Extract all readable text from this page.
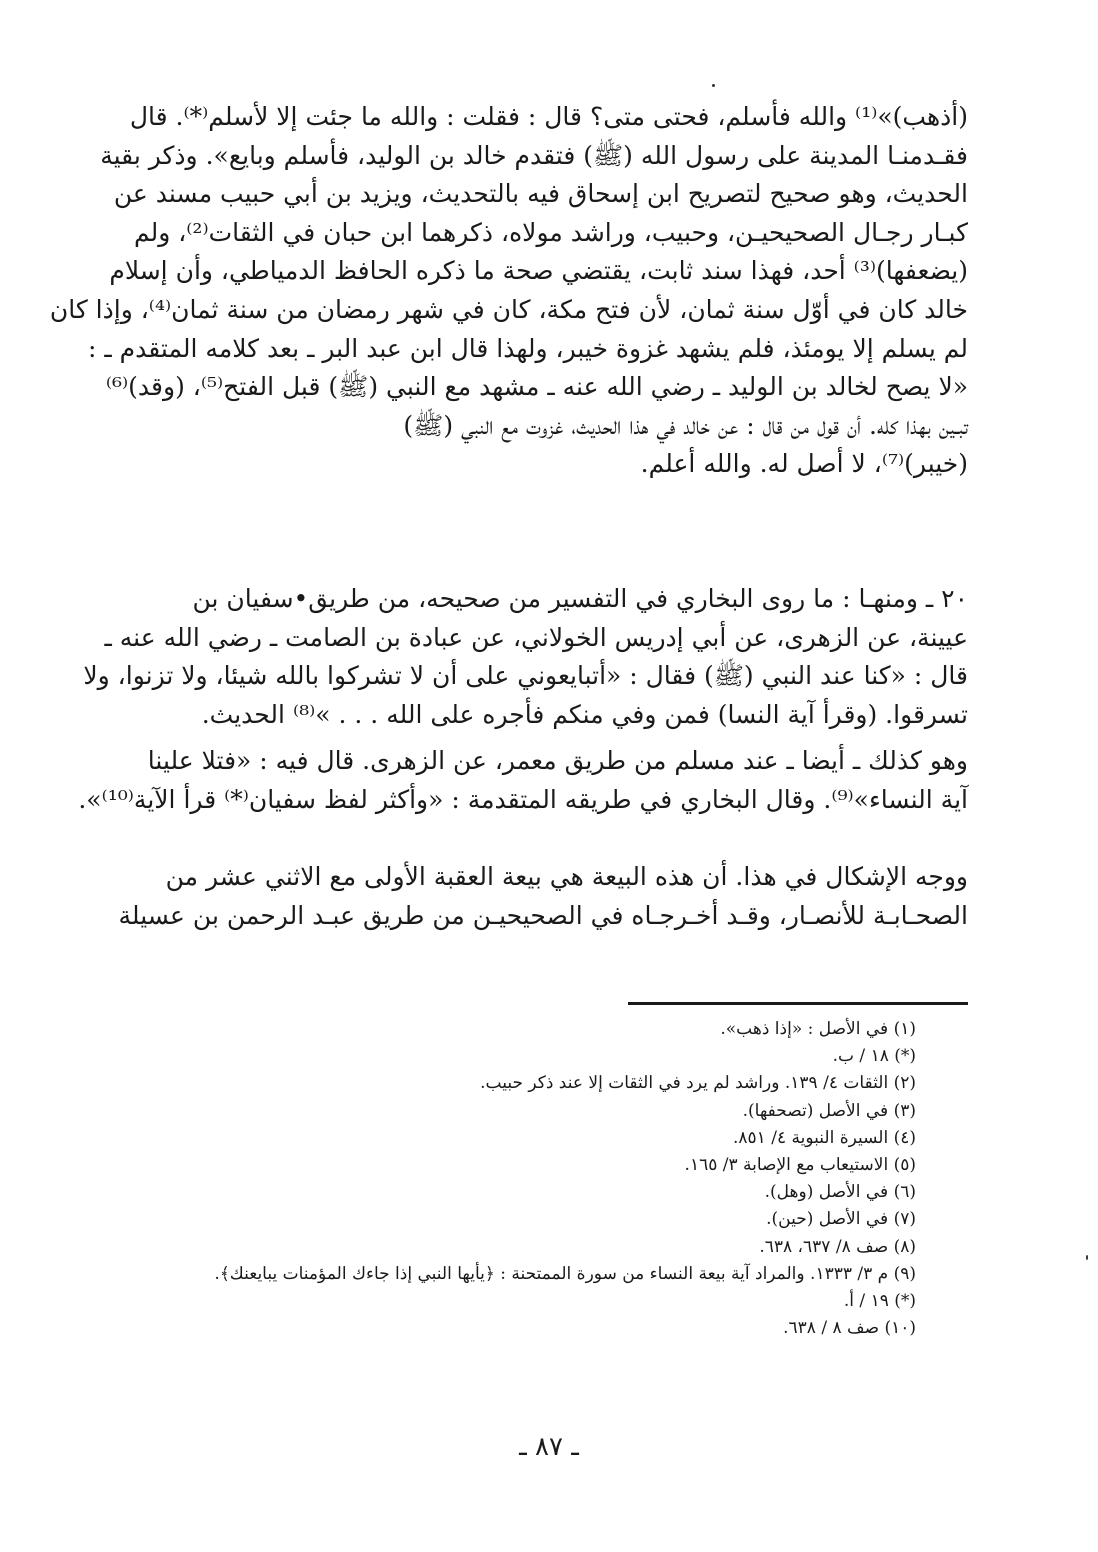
(أذهب)»⁽¹⁾ والله فأسلم، فحتى متى؟ قال : فقلت : والله ما جئت إلا لأسلم⁽*⁾. قال
فقـدمنـا المدينة على رسول الله (ﷺ) فتقدم خالد بن الوليد، فأسلم وبايع». وذكر بقية
الحديث، وهو صحيح لتصريح ابن إسحاق فيه بالتحديث، ويزيد بن أبي حبيب مسند عن
كبـار رجـال الصحيحيـن، وحبيب، وراشد مولاه، ذكرهما ابن حبان في الثقات⁽²⁾، ولم
(يضعفها)⁽³⁾ أحد، فهذا سند ثابت، يقتضي صحة ما ذكره الحافظ الدمياطي، وأن إسلام
خالد كان في أوّل سنة ثمان، لأن فتح مكة، كان في شهر رمضان من سنة ثمان⁽⁴⁾، وإذا كان
لم يسلم إلا يومئذ، فلم يشهد غزوة خيبر، ولهذا قال ابن عبد البر ـ بعد كلامه المتقدم ـ :
«لا يصح لخالد بن الوليد ـ رضي الله عنه ـ مشهد مع النبي (ﷺ) قبل الفتح⁽⁵⁾، (وقد)⁽⁶⁾
تبـين بهذا كله. أن قول من قال : عن خالد في هذا الحديث، غزوت مع النبي (ﷺ)
(خيبر)⁽⁷⁾، لا أصل له. والله أعلم.
٢٠ ـ ومنهـا : ما روى البخاري في التفسير من صحيحه، من طريق•سفيان بن
عيينة، عن الزهرى، عن أبي إدريس الخولاني، عن عبادة بن الصامت ـ رضي الله عنه ـ
قال : «كنا عند النبي (ﷺ) فقال : «أتبايعوني على أن لا تشركوا بالله شيئا، ولا تزنوا، ولا
تسرقوا. (وقرأ آية النسا) فمن وفي منكم فأجره على الله . . . »⁽⁸⁾ الحديث.
وهو كذلك ـ أيضا ـ عند مسلم من طريق معمر، عن الزهرى. قال فيه : «فتلا علينا
آية النساء»⁽⁹⁾. وقال البخاري في طريقه المتقدمة : «وأكثر لفظ سفيان⁽*⁾ قرأ الآية⁽¹⁰⁾».
ووجه الإشكال في هذا. أن هذه البيعة هي بيعة العقبة الأولى مع الاثني عشر من
الصحـابـة للأنصـار، وقـد أخـرجـاه في الصحيحيـن من طريق عبـد الرحمن بن عسيلة
(١) في الأصل : «إذا ذهب».
(*) ١٨ / ب.
(٢) الثقات ٤/ ١٣٩. وراشد لم يرد في الثقات إلا عند ذكر حبيب.
(٣) في الأصل (تصحفها).
(٤) السيرة النبوية ٤/ ٨٥١.
(٥) الاستيعاب مع الإصابة ٣/ ١٦٥.
(٦) في الأصل (وهل).
(٧) في الأصل (حين).
(٨) صف ٨/ ٦٣٧، ٦٣٨.
(٩) م ٣/ ١٣٣٣. والمراد آية بيعة النساء من سورة الممتحنة : ﴿يأيها النبي إذا جاءك المؤمنات يبايعنك﴾.
(*) ١٩ / أ.
(١٠) صف ٨ / ٦٣٨.
ـ ٨٧ ـ
